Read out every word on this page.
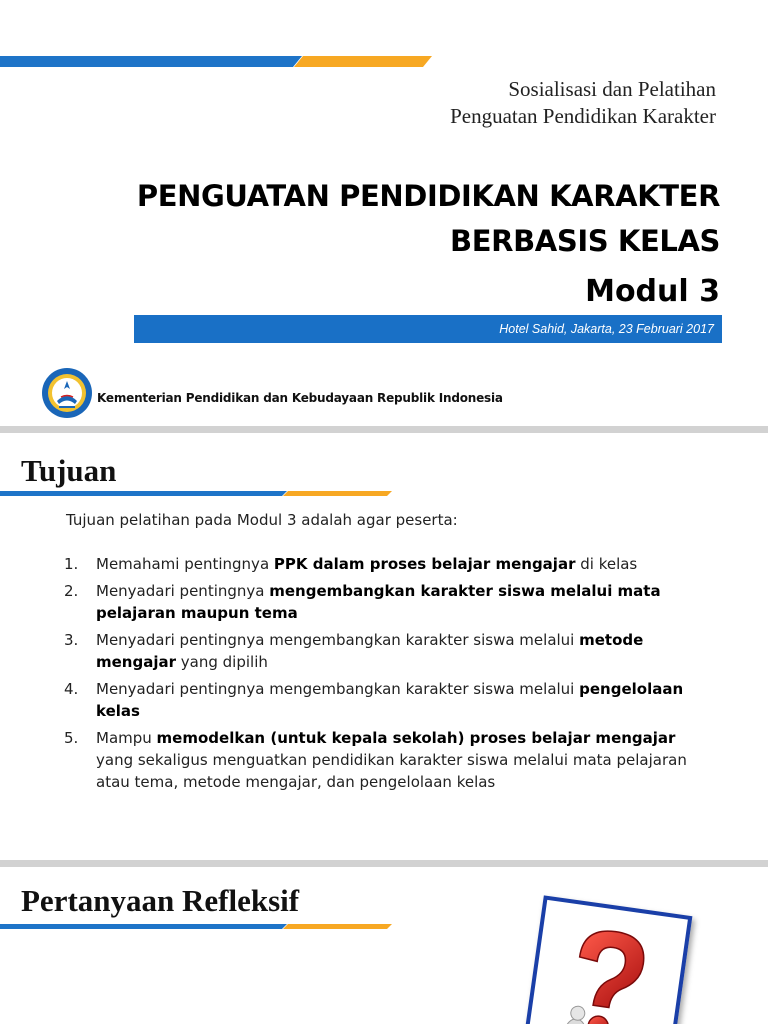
Sosialisasi dan Pelatihan
Penguatan Pendidikan Karakter
PENGUATAN PENDIDIKAN KARAKTER
BERBASIS KELAS
Modul 3
Hotel Sahid, Jakarta, 23 Februari 2017
Kementerian Pendidikan dan Kebudayaan Republik Indonesia
Tujuan
Tujuan pelatihan pada Modul 3 adalah agar peserta:
1.	Memahami pentingnya PPK dalam proses belajar mengajar di kelas
2.	Menyadari pentingnya mengembangkan karakter siswa melalui mata pelajaran maupun tema
3.	Menyadari pentingnya mengembangkan karakter siswa melalui metode mengajar yang dipilih
4.	Menyadari pentingnya mengembangkan karakter siswa melalui pengelolaan kelas
5.	Mampu memodelkan (untuk kepala sekolah) proses belajar mengajar yang sekaligus menguatkan pendidikan karakter siswa melalui mata pelajaran atau tema, metode mengajar, dan pengelolaan kelas
Pertanyaan Refleksif
